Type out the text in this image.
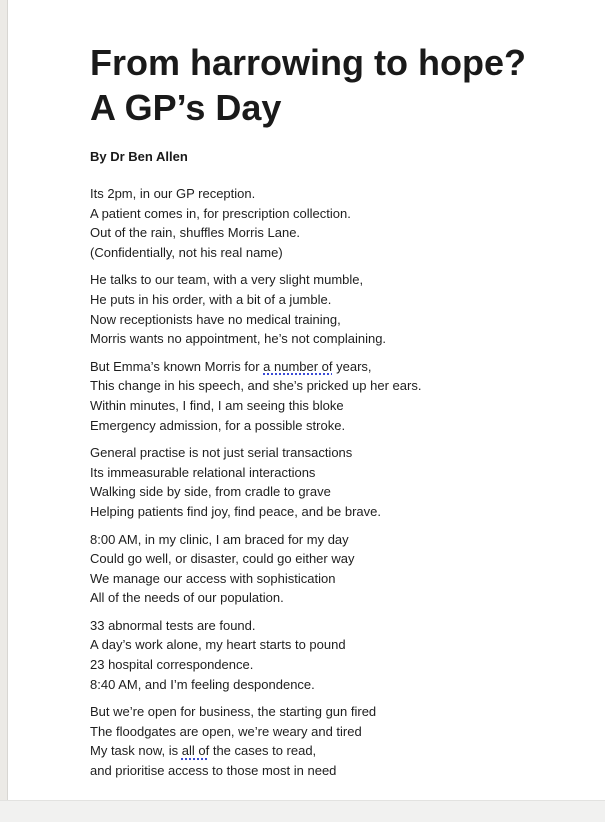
From harrowing to hope?
A GP’s Day
By Dr Ben Allen
Its 2pm, in our GP reception.
A patient comes in, for prescription collection.
Out of the rain, shuffles Morris Lane.
(Confidentially, not his real name)
He talks to our team, with a very slight mumble,
He puts in his order, with a bit of a jumble.
Now receptionists have no medical training,
Morris wants no appointment, he’s not complaining.
But Emma’s known Morris for a number of years,
This change in his speech, and she’s pricked up her ears.
Within minutes, I find, I am seeing this bloke
Emergency admission, for a possible stroke.
General practise is not just serial transactions
Its immeasurable relational interactions
Walking side by side, from cradle to grave
Helping patients find joy, find peace, and be brave.
8:00 AM, in my clinic, I am braced for my day
Could go well, or disaster, could go either way
We manage our access with sophistication
All of the needs of our population.
33 abnormal tests are found.
A day’s work alone, my heart starts to pound
23 hospital correspondence.
8:40 AM, and I’m feeling despondence.
But we’re open for business, the starting gun fired
The floodgates are open, we’re weary and tired
My task now, is all of the cases to read,
and prioritise access to those most in need
